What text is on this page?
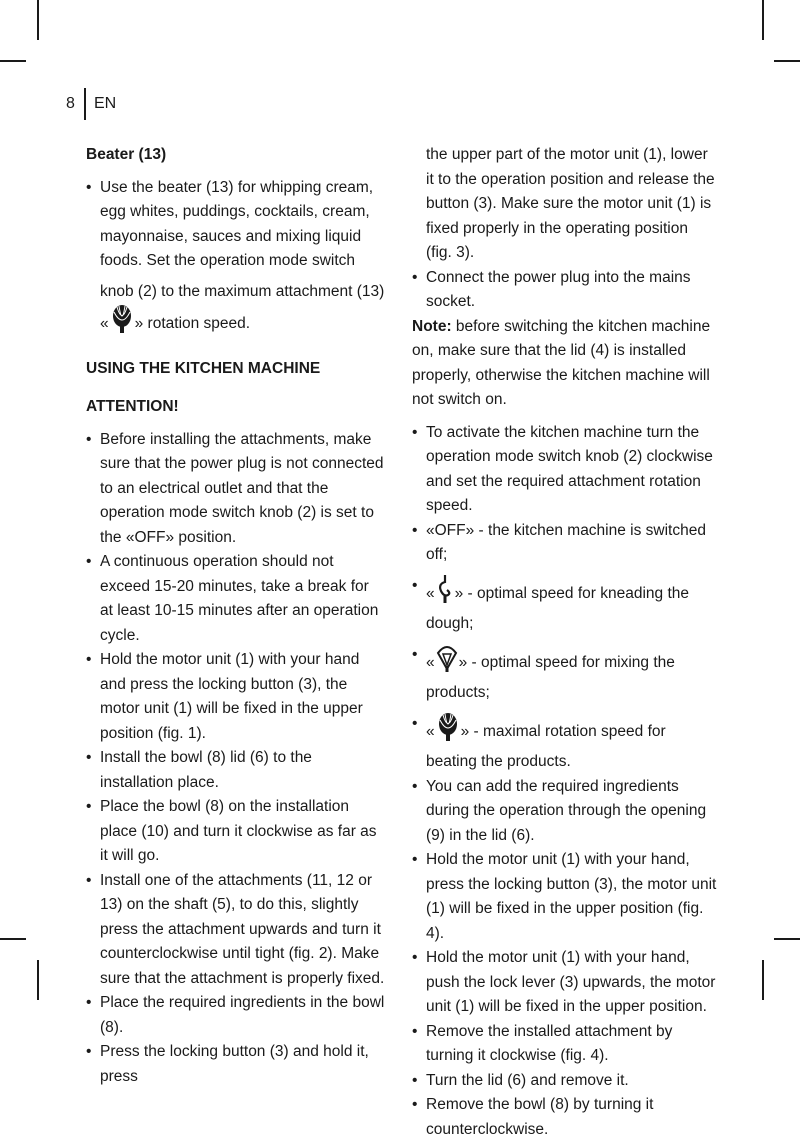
8	EN
Beater (13)
• Use the beater (13) for whipping cream, egg whites, puddings, cocktails, cream, mayonnaise, sauces and mixing liquid foods. Set the operation mode switch
knob (2) to the maximum attachment (13) « » rotation speed.
USING THE KITCHEN MACHINE
ATTENTION!
• Before installing the attachments, make sure that the power plug is not connected to an electrical outlet and that the operation mode switch knob (2) is set to the «OFF» position.
• A continuous operation should not exceed 15-20 minutes, take a break for at least 10-15 minutes after an operation cycle.
• Hold the motor unit (1) with your hand and press the locking button (3), the motor unit (1) will be fixed in the upper position (fig. 1).
• Install the bowl (8) lid (6) to the installation place.
• Place the bowl (8) on the installation place (10) and turn it clockwise as far as it will go.
• Install one of the attachments (11, 12 or 13) on the shaft (5), to do this, slightly press the attachment upwards and turn it counterclockwise until tight (fig. 2). Make sure that the attachment is properly fixed.
• Place the required ingredients in the bowl (8).
• Press the locking button (3) and hold it, press
the upper part of the motor unit (1), lower it to the operation position and release the button (3). Make sure the motor unit (1) is fixed properly in the operating position (fig. 3).
• Connect the power plug into the mains socket.
Note: before switching the kitchen machine on, make sure that the lid (4) is installed properly, otherwise the kitchen machine will not switch on.
• To activate the kitchen machine turn the operation mode switch knob (2) clockwise and set the required attachment rotation speed.
• «OFF» - the kitchen machine is switched off;
• « » - optimal speed for kneading the dough;
• « » - optimal speed for mixing the products;
• « » - maximal rotation speed for beating the products.
• You can add the required ingredients during the operation through the opening (9) in the lid (6).
• Hold the motor unit (1) with your hand, press the locking button (3), the motor unit (1) will be fixed in the upper position (fig. 4).
• Hold the motor unit (1) with your hand, push the lock lever (3) upwards, the motor unit (1) will be fixed in the upper position.
• Remove the installed attachment by turning it clockwise (fig. 4).
• Turn the lid (6) and remove it.
• Remove the bowl (8) by turning it counterclockwise.
